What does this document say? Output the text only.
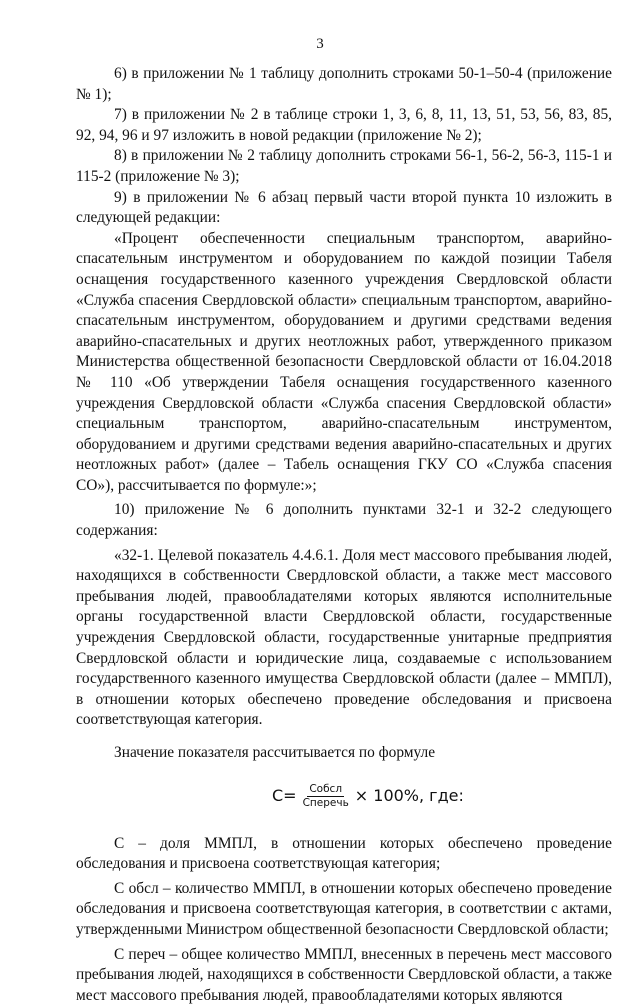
3

6) в приложении № 1 таблицу дополнить строками 50-1–50-4 (приложение № 1);

7) в приложении № 2 в таблице строки 1, 3, 6, 8, 11, 13, 51, 53, 56, 83, 85, 92, 94, 96 и 97 изложить в новой редакции (приложение № 2);

8) в приложении № 2 таблицу дополнить строками 56-1, 56-2, 56-3, 115-1 и 115-2 (приложение № 3);

9) в приложении № 6 абзац первый части второй пункта 10 изложить в следующей редакции:

«Процент обеспеченности специальным транспортом, аварийно-спасательным инструментом и оборудованием по каждой позиции Табеля оснащения государственного казенного учреждения Свердловской области «Служба спасения Свердловской области» специальным транспортом, аварийно-спасательным инструментом, оборудованием и другими средствами ведения аварийно-спасательных и других неотложных работ, утвержденного приказом Министерства общественной безопасности Свердловской области от 16.04.2018 № 110 «Об утверждении Табеля оснащения государственного казенного учреждения Свердловской области «Служба спасения Свердловской области» специальным транспортом, аварийно-спасательным инструментом, оборудованием и другими средствами ведения аварийно-спасательных и других неотложных работ» (далее – Табель оснащения ГКУ СО «Служба спасения СО»), рассчитывается по формуле:»;

10) приложение № 6 дополнить пунктами 32-1 и 32-2 следующего содержания:

«32-1. Целевой показатель 4.4.6.1. Доля мест массового пребывания людей, находящихся в собственности Свердловской области, а также мест массового пребывания людей, правообладателями которых являются исполнительные органы государственной власти Свердловской области, государственные учреждения Свердловской области, государственные унитарные предприятия Свердловской области и юридические лица, создаваемые с использованием государственного казенного имущества Свердловской области (далее – ММПЛ), в отношении которых обеспечено проведение обследования и присвоена соответствующая категория.

Значение показателя рассчитывается по формуле

$С= \frac{\text{Собсл}}{\text{Сперечь}} \times 100\%$, где:

С – доля ММПЛ, в отношении которых обеспечено проведение обследования и присвоена соответствующая категория;

С обсл – количество ММПЛ, в отношении которых обеспечено проведение обследования и присвоена соответствующая категория, в соответствии с актами, утвержденными Министром общественной безопасности Свердловской области;

С переч – общее количество ММПЛ, внесенных в перечень мест массового пребывания людей, находящихся в собственности Свердловской области, а также мест массового пребывания людей, правообладателями которых являются
